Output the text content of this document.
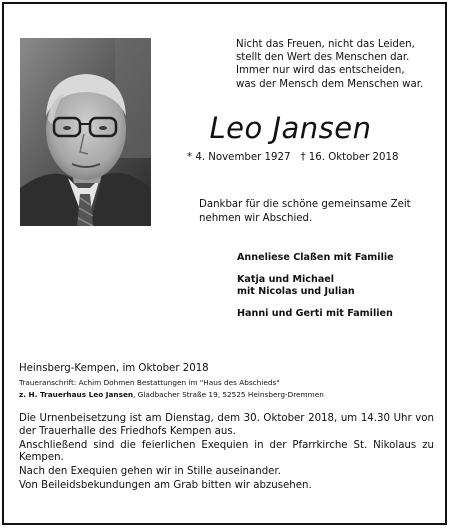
Nicht das Freuen, nicht das Leiden,
stellt den Wert des Menschen dar.
Immer nur wird das entscheiden,
was der Mensch dem Menschen war.
Leo Jansen
* 4. November 1927 † 16. Oktober 2018
Dankbar für die schöne gemeinsame Zeit nehmen wir Abschied.
Anneliese Claßen mit Familie
Katja und Michael
mit Nicolas und Julian
Hanni und Gerti mit Familien
Heinsberg-Kempen, im Oktober 2018
Traueranschrift: Achim Dohmen Bestattungen im "Haus des Abschieds"
z. H. Trauerhaus Leo Jansen, Gladbacher Straße 19, 52525 Heinsberg-Dremmen

Die Urnenbeisetzung ist am Dienstag, dem 30. Oktober 2018, um 14.30 Uhr von der Trauerhalle des Friedhofs Kempen aus.

Anschließend sind die feierlichen Exequien in der Pfarrkirche St. Nikolaus zu Kempen.

Nach den Exequien gehen wir in Stille auseinander.

Von Beileidsbekundungen am Grab bitten wir abzusehen.
